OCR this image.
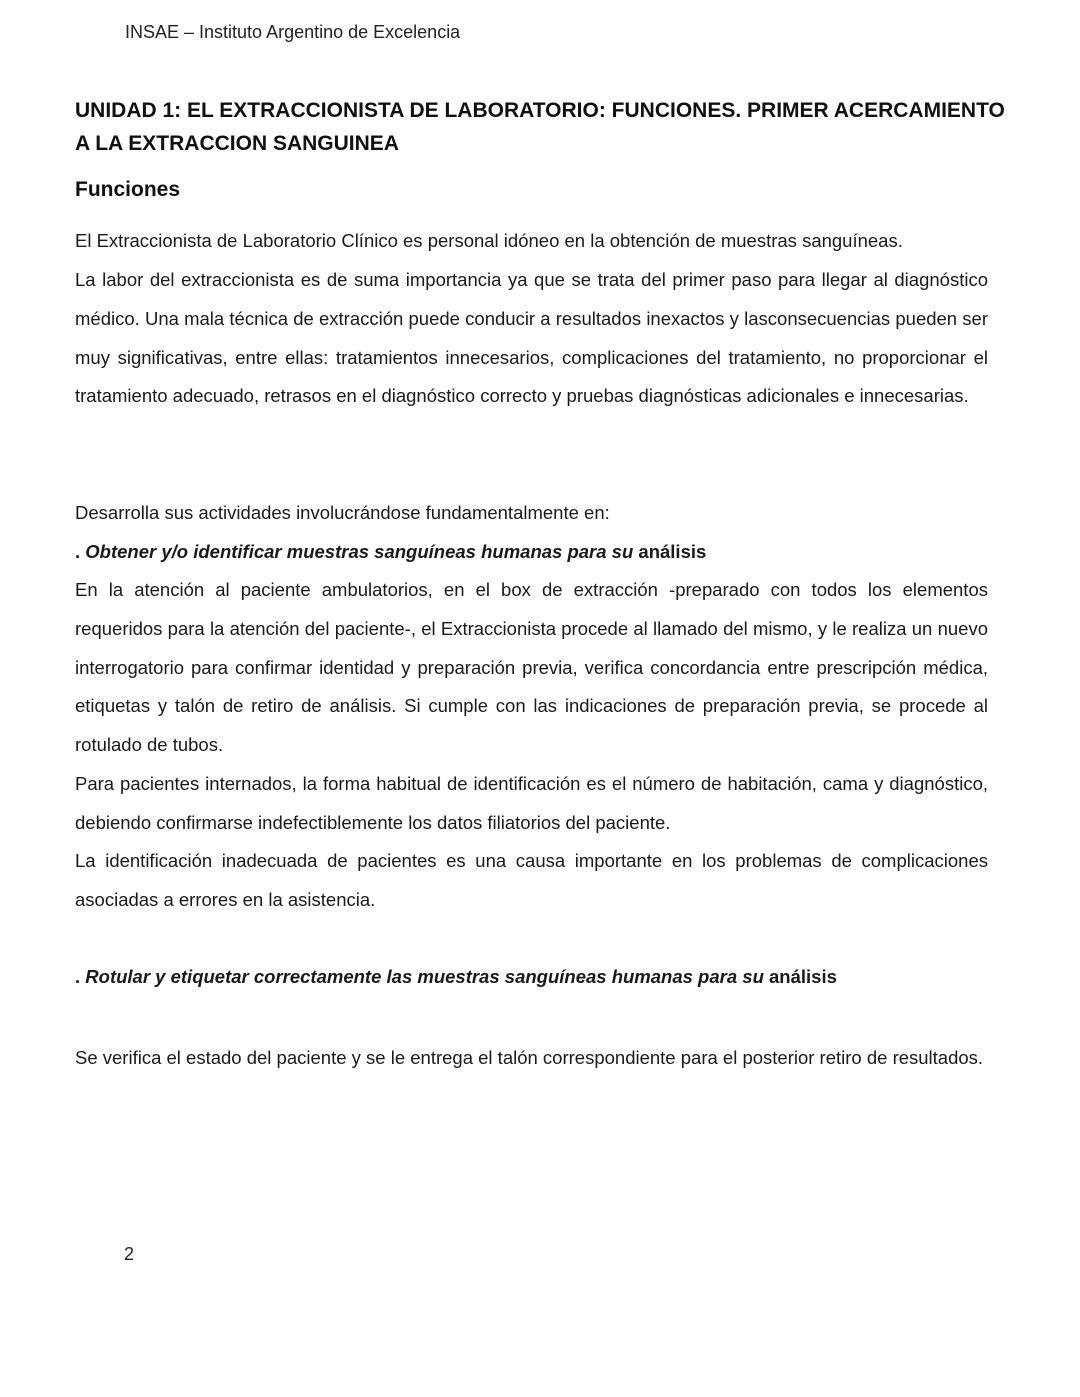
INSAE – Instituto Argentino de Excelencia
UNIDAD 1: EL EXTRACCIONISTA DE LABORATORIO: FUNCIONES. PRIMER ACERCAMIENTO A LA EXTRACCION SANGUINEA
Funciones
El Extraccionista de Laboratorio Clínico es personal idóneo en la obtención de muestras sanguíneas.
La labor del extraccionista es de suma importancia ya que se trata del primer paso para llegar al diagnóstico médico. Una mala técnica de extracción puede conducir a resultados inexactos y lasconsecuencias pueden ser muy significativas, entre ellas: tratamientos innecesarios, complicaciones del tratamiento, no proporcionar el tratamiento adecuado, retrasos en el diagnóstico correcto y pruebas diagnósticas adicionales e innecesarias.
Desarrolla sus actividades involucrándose fundamentalmente en:
. Obtener y/o identificar muestras sanguíneas humanas para su análisis
En la atención al paciente ambulatorios, en el box de extracción -preparado con todos los elementos requeridos para la atención del paciente-, el Extraccionista procede al llamado del mismo, y le realiza un nuevo interrogatorio para confirmar identidad y preparación previa, verifica concordancia entre prescripción médica, etiquetas y talón de retiro de análisis. Si cumple con las indicaciones de preparación previa, se procede al rotulado de tubos.
Para pacientes internados, la forma habitual de identificación es el número de habitación, cama y diagnóstico, debiendo confirmarse indefectiblemente los datos filiatorios del paciente.
La identificación inadecuada de pacientes es una causa importante en los problemas de complicaciones asociadas a errores en la asistencia.
. Rotular y etiquetar correctamente las muestras sanguíneas humanas para su análisis
Se verifica el estado del paciente y se le entrega el talón correspondiente para el posterior retiro de resultados.
2
